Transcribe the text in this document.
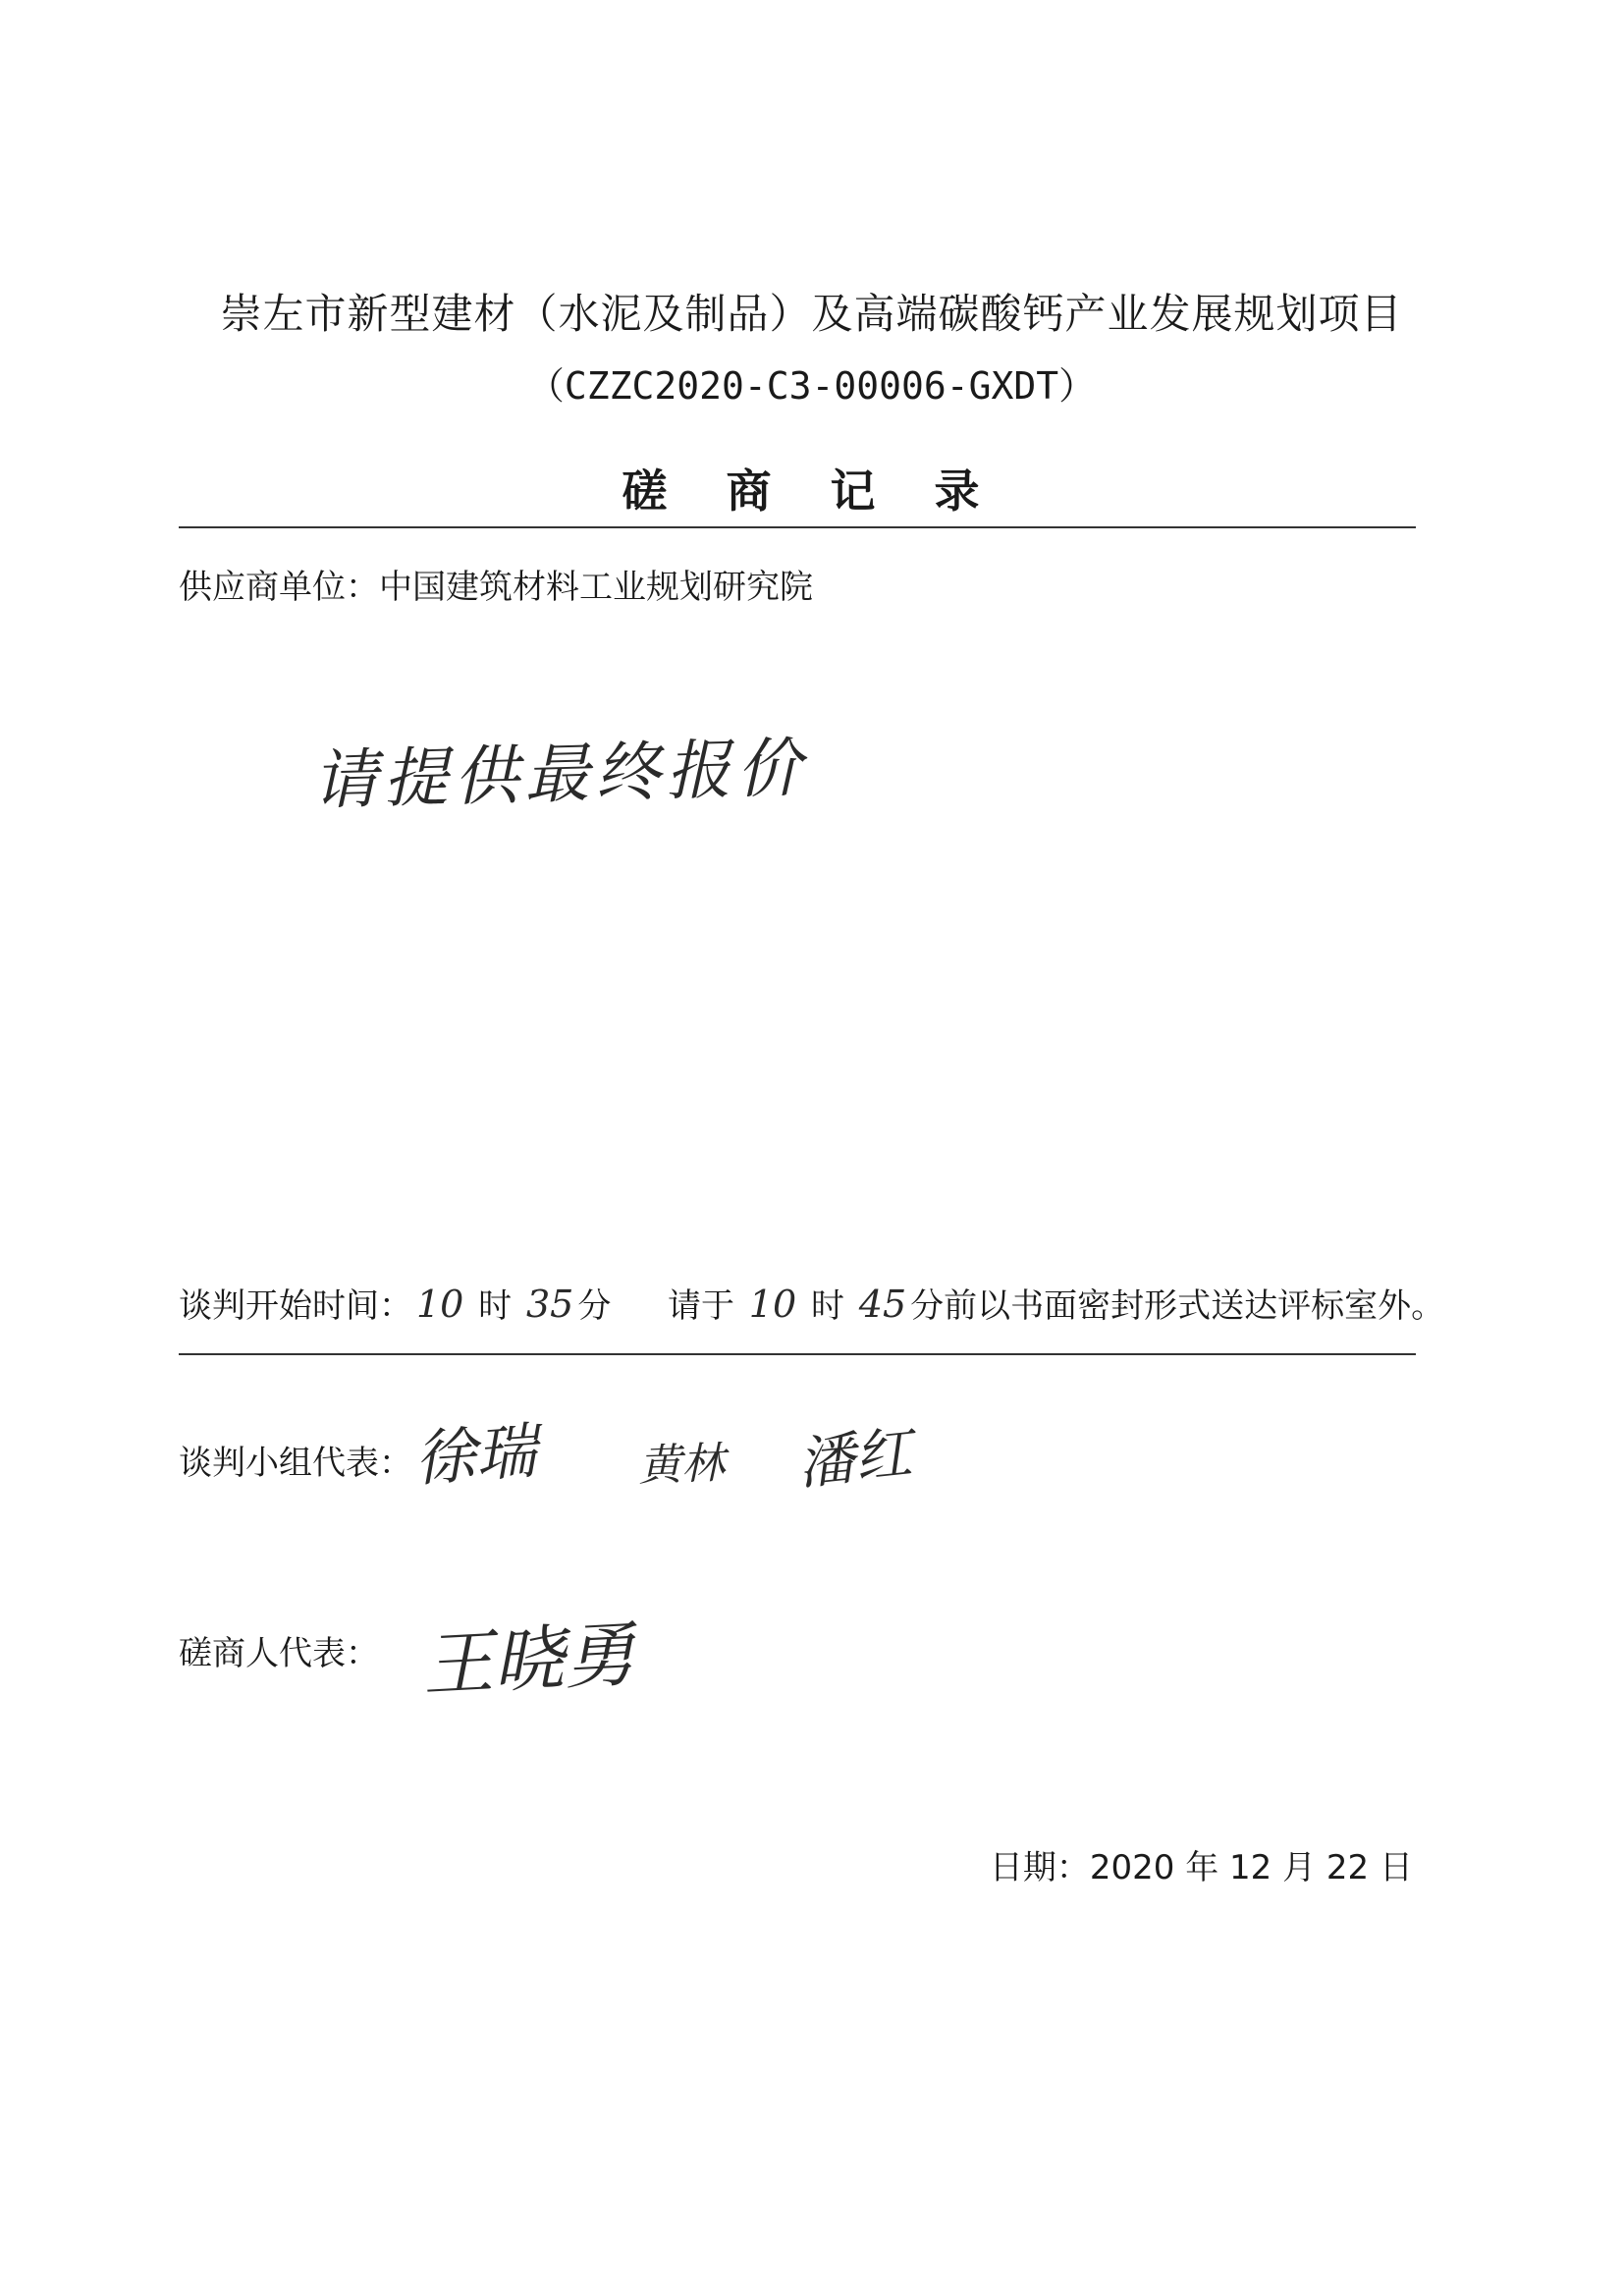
崇左市新型建材（水泥及制品）及高端碳酸钙产业发展规划项目
（CZZC2020-C3-00006-GXDT）
磋 商 记 录
供应商单位：中国建筑材料工业规划研究院
请提供最终报价
谈判开始时间： 10 时 35 分 请于 10 时 45 分前以书面密封形式送达评标室外。
谈判小组代表： 徐瑞 黄林 潘红
磋商人代表： 王晓勇
日期：2020 年 12 月 22 日
